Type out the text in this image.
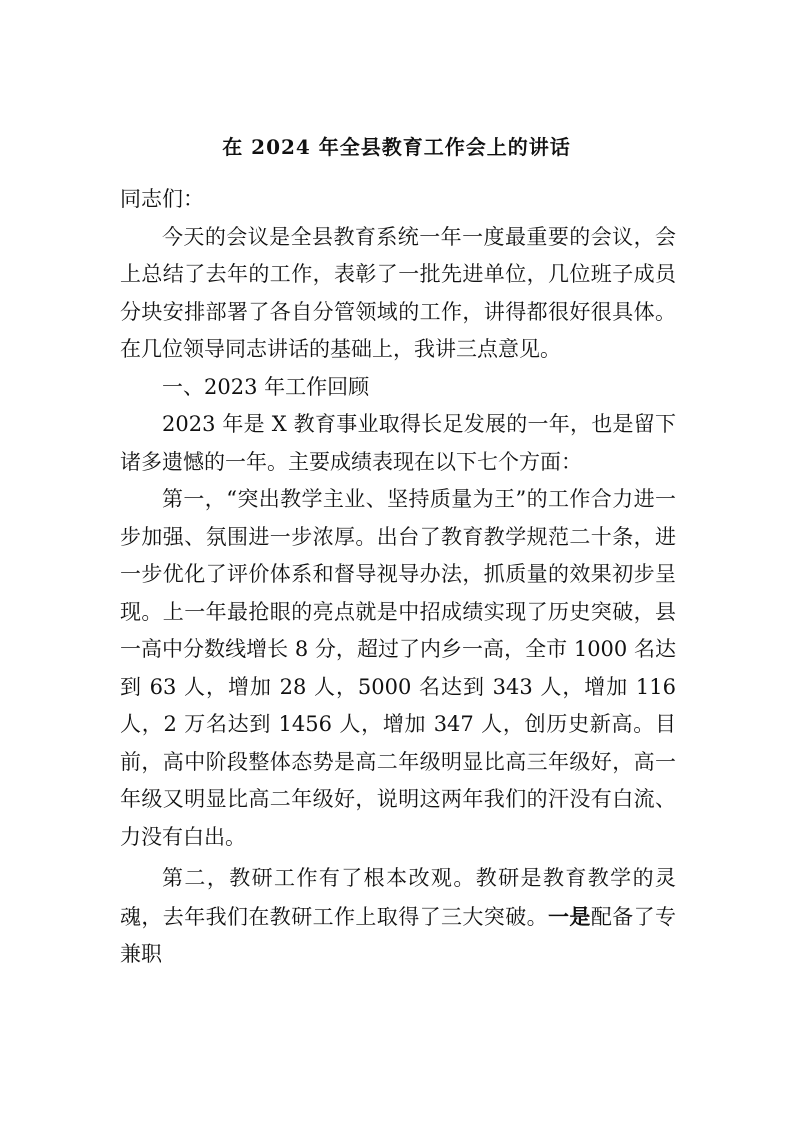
在 2024 年全县教育工作会上的讲话

同志们：

今天的会议是全县教育系统一年一度最重要的会议，会上总结了去年的工作，表彰了一批先进单位，几位班子成员分块安排部署了各自分管领域的工作，讲得都很好很具体。在几位领导同志讲话的基础上，我讲三点意见。

一、2023 年工作回顾

2023 年是 X 教育事业取得长足发展的一年，也是留下诸多遗憾的一年。主要成绩表现在以下七个方面：

第一，“突出教学主业、坚持质量为王”的工作合力进一步加强、氛围进一步浓厚。出台了教育教学规范二十条，进一步优化了评价体系和督导视导办法，抓质量的效果初步呈现。上一年最抢眼的亮点就是中招成绩实现了历史突破，县一高中分数线增长 8 分，超过了内乡一高，全市 1000 名达到 63 人，增加 28 人，5000 名达到 343 人，增加 116 人，2 万名达到 1456 人，增加 347 人，创历史新高。目前，高中阶段整体态势是高二年级明显比高三年级好，高一年级又明显比高二年级好，说明这两年我们的汗没有白流、力没有白出。

第二，教研工作有了根本改观。教研是教育教学的灵魂，去年我们在教研工作上取得了三大突破。一是配备了专兼职
